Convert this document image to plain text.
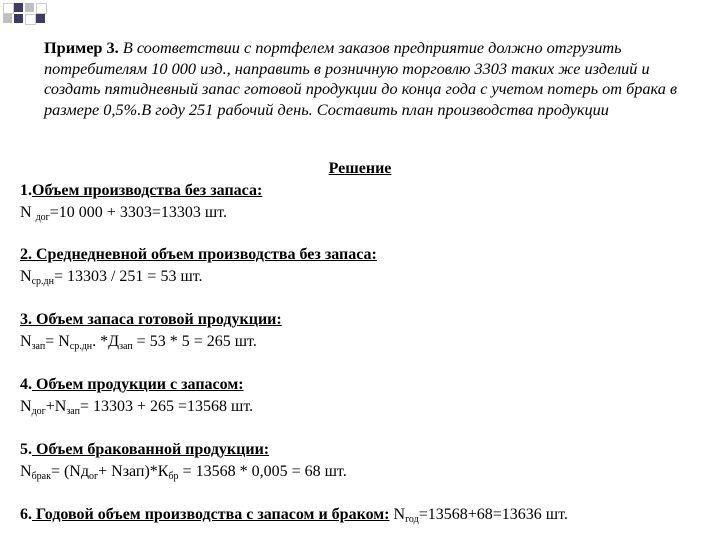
Пример 3. В соответствии с портфелем заказов предприятие должно отгрузить потребителям 10 000 изд., направить в розничную торговлю 3303 таких же изделий и создать пятидневный запас готовой продукции до конца года с учетом потерь от брака в размере 0,5%.В году 251 рабочий день. Составить план производства продукции
Решение
1.Объем производства без запаса:
N $_{дог}$=10 000 + 3303=13303 шт.
2. Среднедневной объем производства без запаса:
$N_{ср.дн}= 13303 / 251 = 53$ шт.
3. Объем запаса готовой продукции:
$N_{зап}= N_{ср.дн}$. $*Д_{зап} = 53 * 5 = 265$ шт.
4. Объем продукции с запасом:
$N_{дог}+N_{зап}= 13303 + 265 =13568$ шт.
5. Объем бракованной продукции:
$N_{брак}= (Nд_{ог}+$ $Nзап)*К_{бр} = 13568 * 0,005 = 68$ шт.
6. Годовой объем производства с запасом и браком: $N_{год}=13568+68=13636$ шт.
